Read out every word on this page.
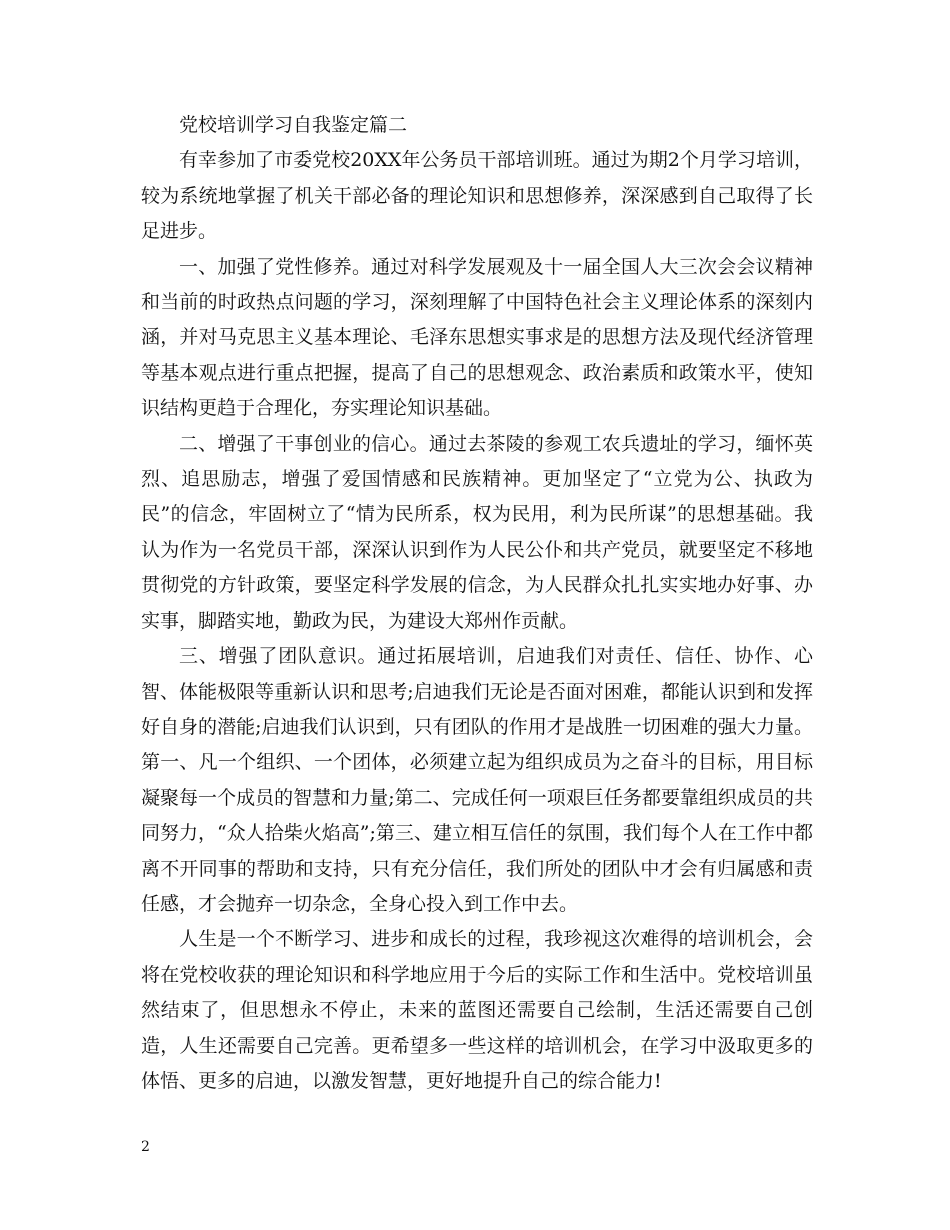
党校培训学习自我鉴定篇二

有幸参加了市委党校20XX年公务员干部培训班。通过为期2个月学习培训，较为系统地掌握了机关干部必备的理论知识和思想修养，深深感到自己取得了长足进步。

一、加强了党性修养。通过对科学发展观及十一届全国人大三次会会议精神和当前的时政热点问题的学习，深刻理解了中国特色社会主义理论体系的深刻内涵，并对马克思主义基本理论、毛泽东思想实事求是的思想方法及现代经济管理等基本观点进行重点把握，提高了自己的思想观念、政治素质和政策水平，使知识结构更趋于合理化，夯实理论知识基础。

二、增强了干事创业的信心。通过去茶陵的参观工农兵遗址的学习，缅怀英烈、追思励志，增强了爱国情感和民族精神。更加坚定了“立党为公、执政为民”的信念，牢固树立了“情为民所系，权为民用，利为民所谋”的思想基础。我认为作为一名党员干部，深深认识到作为人民公仆和共产党员，就要坚定不移地贯彻党的方针政策，要坚定科学发展的信念，为人民群众扎扎实实地办好事、办实事，脚踏实地，勤政为民，为建设大郑州作贡献。

三、增强了团队意识。通过拓展培训，启迪我们对责任、信任、协作、心智、体能极限等重新认识和思考;启迪我们无论是否面对困难，都能认识到和发挥好自身的潜能;启迪我们认识到，只有团队的作用才是战胜一切困难的强大力量。 第一、凡一个组织、一个团体，必须建立起为组织成员为之奋斗的目标，用目标凝聚每一个成员的智慧和力量;第二、完成任何一项艰巨任务都要靠组织成员的共同努力，“众人拾柴火焰高”;第三、建立相互信任的氛围，我们每个人在工作中都离不开同事的帮助和支持，只有充分信任，我们所处的团队中才会有归属感和责任感，才会抛弃一切杂念，全身心投入到工作中去。

人生是一个不断学习、进步和成长的过程，我珍视这次难得的培训机会，会将在党校收获的理论知识和科学地应用于今后的实际工作和生活中。党校培训虽然结束了，但思想永不停止，未来的蓝图还需要自己绘制，生活还需要自己创造，人生还需要自己完善。更希望多一些这样的培训机会，在学习中汲取更多的体悟、更多的启迪，以激发智慧，更好地提升自己的综合能力!

2
